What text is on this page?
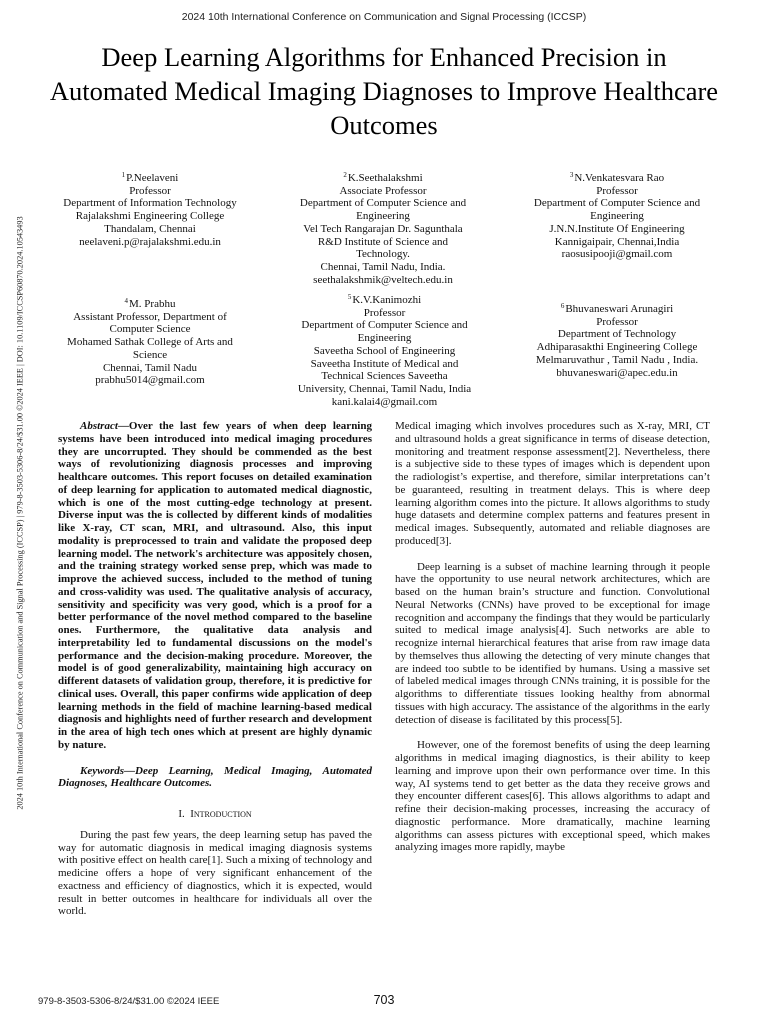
2024 10th International Conference on Communication and Signal Processing (ICCSP)
Deep Learning Algorithms for Enhanced Precision in Automated Medical Imaging Diagnoses to Improve Healthcare Outcomes
2024 10th International Conference on Communication and Signal Processing (ICCSP) | 979-8-3503-5306-8/24/$31.00 ©2024 IEEE | DOI: 10.1109/ICCSP60870.2024.10543493
$^1$P.Neelaveni
Professor
Department of Information Technology
Rajalakshmi Engineering College
Thandalam, Chennai
neelaveni.p@rajalakshmi.edu.in
$^2$K.Seethalakshmi
Associate Professor
Department of Computer Science and
Engineering
Vel Tech Rangarajan Dr. Sagunthala
R&D Institute of Science and
Technology.
Chennai, Tamil Nadu, India.
seethalakshmik@veltech.edu.in
$^3$N.Venkatesvara Rao
Professor
Department of Computer Science and
Engineering
J.N.N.Institute Of Engineering
Kannigaipair, Chennai,India
raosusipooji@gmail.com
$^4$M. Prabhu
Assistant Professor, Department of
Computer Science
Mohamed Sathak College of Arts and
Science
Chennai, Tamil Nadu
prabhu5014@gmail.com
$^5$K.V.Kanimozhi
Professor
Department of Computer Science and
Engineering
Saveetha School of Engineering
Saveetha Institute of Medical and
Technical Sciences Saveetha
University, Chennai, Tamil Nadu, India
kani.kalai4@gmail.com
$^6$Bhuvaneswari Arunagiri
Professor
Department of Technology
Adhiparasakthi Engineering College
Melmaruvathur , Tamil Nadu , India.
bhuvaneswari@apec.edu.in

Abstract—Over the last few years of when deep learning systems have been introduced into medical imaging procedures they are uncorrupted. They should be commended as the best ways of revolutionizing diagnosis processes and improving healthcare outcomes. This report focuses on detailed examination of deep learning for application to automated medical diagnostic, which is one of the most cutting-edge technology at present. Diverse input was the is collected by different kinds of modalities like X-ray, CT scan, MRI, and ultrasound. Also, this input modality is preprocessed to train and validate the proposed deep learning model. The network's architecture was appositely chosen, and the training strategy worked sense prep, which was made to improve the achieved success, included to the method of tuning and cross-validity was used. The qualitative analysis of accuracy, sensitivity and specificity was very good, which is a proof for a better performance of the novel method compared to the baseline ones. Furthermore, the qualitative data analysis and interpretability led to fundamental discussions on the model's performance and the decision-making procedure. Moreover, the model is of good generalizability, maintaining high accuracy on different datasets of validation group, therefore, it is predictive for clinical uses. Overall, this paper confirms wide application of deep learning methods in the field of machine learning-based medical diagnosis and highlights need of further research and development in the area of high tech ones which at present are highly dynamic by nature.

Keywords—Deep Learning, Medical Imaging, Automated Diagnoses, Healthcare Outcomes.

I. Introduction

During the past few years, the deep learning setup has paved the way for automatic diagnosis in medical imaging diagnosis systems with positive effect on health care[1]. Such a mixing of technology and medicine offers a hope of very significant enhancement of the exactness and efficiency of diagnostics, which it is expected, would result in better outcomes in healthcare for individuals all over the world.

Medical imaging which involves procedures such as X-ray, MRI, CT and ultrasound holds a great significance in terms of disease detection, monitoring and treatment response assessment[2]. Nevertheless, there is a subjective side to these types of images which is dependent upon the radiologist’s expertise, and therefore, similar interpretations can’t be guaranteed, resulting in treatment delays. This is where deep learning algorithm comes into the picture. It allows algorithms to study huge datasets and determine complex patterns and features present in medical images. Subsequently, automated and reliable diagnoses are produced[3].

Deep learning is a subset of machine learning through it people have the opportunity to use neural network architectures, which are based on the human brain’s structure and function. Convolutional Neural Networks (CNNs) have proved to be exceptional for image recognition and accompany the findings that they would be particularly suited to medical image analysis[4]. Such networks are able to recognize internal hierarchical features that arise from raw image data by themselves thus allowing the detecting of very minute changes that are indeed too subtle to be identified by humans. Using a massive set of labeled medical images through CNNs training, it is possible for the algorithms to differentiate tissues looking healthy from abnormal tissues with high accuracy. The assistance of the algorithms in the early detection of disease is facilitated by this process[5].

However, one of the foremost benefits of using the deep learning algorithms in medical imaging diagnostics, is their ability to keep learning and improve upon their own performance over time. In this way, AI systems tend to get better as the data they receive grows and they encounter different cases[6]. This allows algorithms to adapt and refine their decision-making processes, increasing the accuracy of diagnostic performance. More dramatically, machine learning algorithms can assess pictures with exceptional speed, which makes analyzing images more rapidly, maybe

979-8-3503-5306-8/24/$31.00 ©2024 IEEE	703
